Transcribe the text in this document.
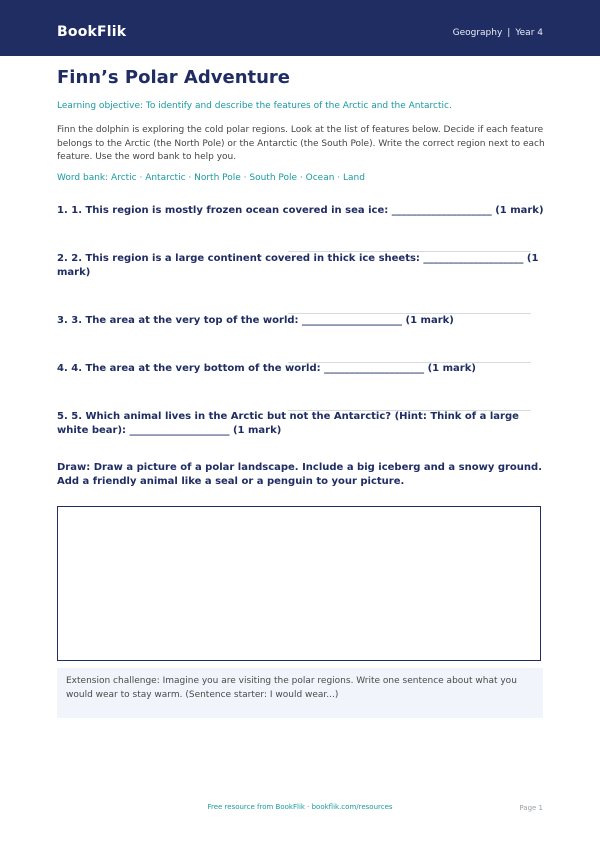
BookFlik	Geography | Year 4
Finn’s Polar Adventure
Learning objective: To identify and describe the features of the Arctic and the Antarctic.
Finn the dolphin is exploring the cold polar regions. Look at the list of features below. Decide if each feature belongs to the Arctic (the North Pole) or the Antarctic (the South Pole). Write the correct region next to each feature. Use the word bank to help you.
Word bank: Arctic · Antarctic · North Pole · South Pole · Ocean · Land
1. 1. This region is mostly frozen ocean covered in sea ice: ____________________ (1 mark)
2. 2. This region is a large continent covered in thick ice sheets: ____________________ (1 mark)
3. 3. The area at the very top of the world: ____________________ (1 mark)
4. 4. The area at the very bottom of the world: ____________________ (1 mark)
5. 5. Which animal lives in the Arctic but not the Antarctic? (Hint: Think of a large white bear): ____________________ (1 mark)
Draw: Draw a picture of a polar landscape. Include a big iceberg and a snowy ground. Add a friendly animal like a seal or a penguin to your picture.
Extension challenge: Imagine you are visiting the polar regions. Write one sentence about what you would wear to stay warm. (Sentence starter: I would wear...)
Free resource from BookFlik · bookflik.com/resources	Page 1
